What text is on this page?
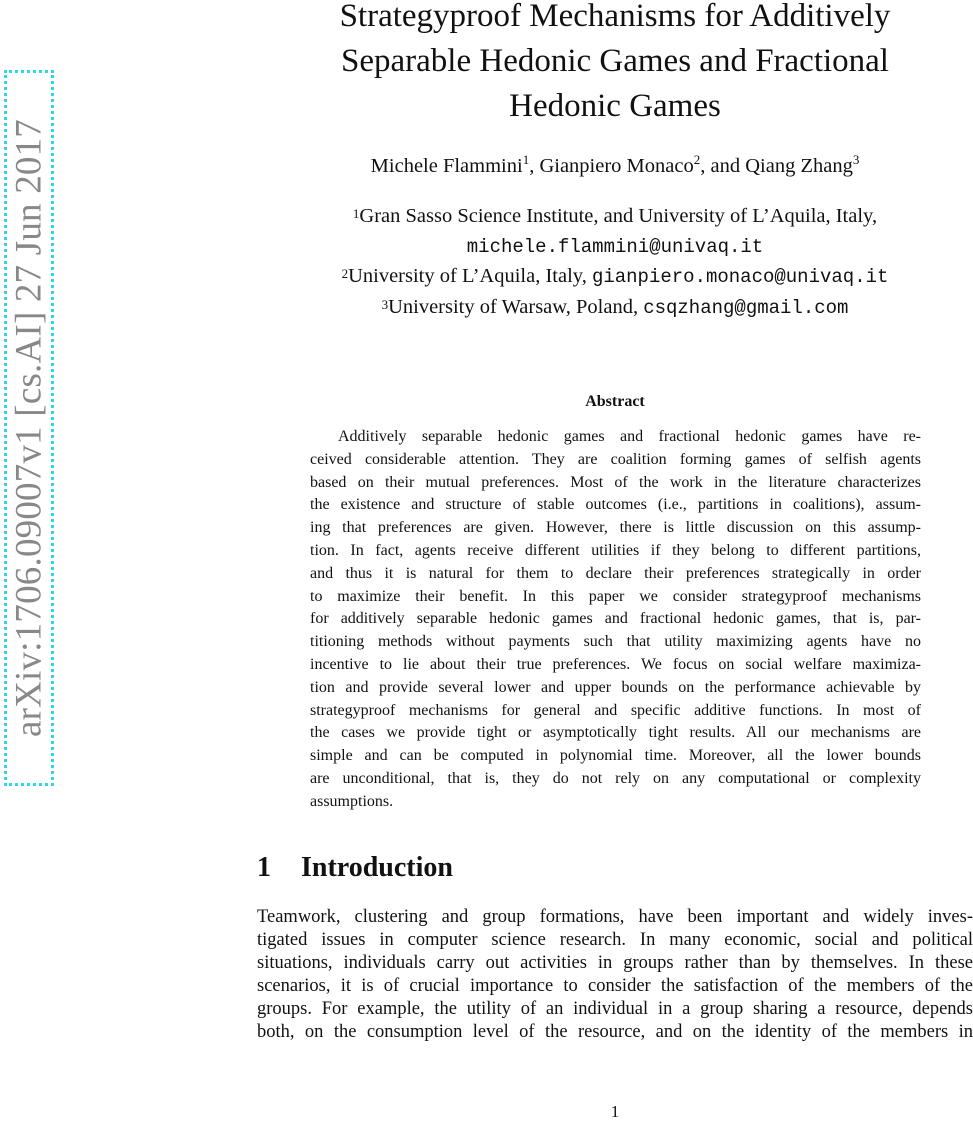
arXiv:1706.09007v1 [cs.AI] 27 Jun 2017
Strategyproof Mechanisms for Additively
Separable Hedonic Games and Fractional
Hedonic Games
Michele Flammini$^1$, Gianpiero Monaco$^2$, and Qiang Zhang$^3$
$^1$Gran Sasso Science Institute, and University of L’Aquila, Italy,
michele.flammini@univaq.it
$^2$University of L’Aquila, Italy, gianpiero.monaco@univaq.it
$^3$University of Warsaw, Poland, csqzhang@gmail.com
Abstract
Additively separable hedonic games and fractional hedonic games have re-
ceived considerable attention. They are coalition forming games of selfish agents
based on their mutual preferences. Most of the work in the literature characterizes
the existence and structure of stable outcomes (i.e., partitions in coalitions), assum-
ing that preferences are given. However, there is little discussion on this assump-
tion. In fact, agents receive different utilities if they belong to different partitions,
and thus it is natural for them to declare their preferences strategically in order
to maximize their benefit. In this paper we consider strategyproof mechanisms
for additively separable hedonic games and fractional hedonic games, that is, par-
titioning methods without payments such that utility maximizing agents have no
incentive to lie about their true preferences. We focus on social welfare maximiza-
tion and provide several lower and upper bounds on the performance achievable by
strategyproof mechanisms for general and specific additive functions. In most of
the cases we provide tight or asymptotically tight results. All our mechanisms are
simple and can be computed in polynomial time. Moreover, all the lower bounds
are unconditional, that is, they do not rely on any computational or complexity
assumptions.
1 Introduction
Teamwork, clustering and group formations, have been important and widely inves-
tigated issues in computer science research. In many economic, social and political
situations, individuals carry out activities in groups rather than by themselves. In these
scenarios, it is of crucial importance to consider the satisfaction of the members of the
groups. For example, the utility of an individual in a group sharing a resource, depends
both, on the consumption level of the resource, and on the identity of the members in
1
